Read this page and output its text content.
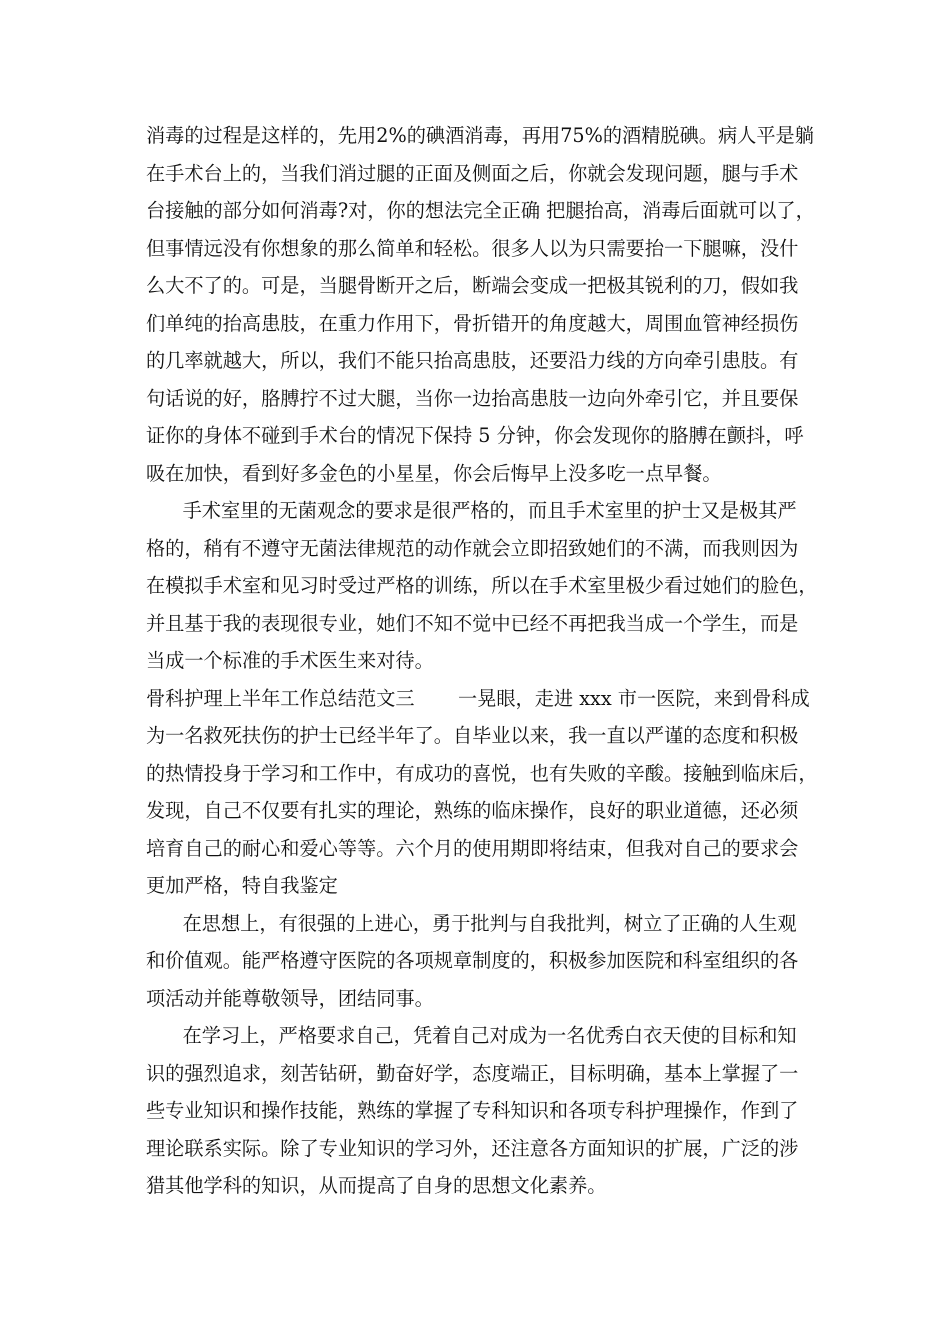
消毒的过程是这样的，先用2%的碘酒消毒，再用75%的酒精脱碘。病人平是躺
在手术台上的，当我们消过腿的正面及侧面之后，你就会发现问题，腿与手术
台接触的部分如何消毒?对，你的想法完全正确 把腿抬高，消毒后面就可以了，
但事情远没有你想象的那么简单和轻松。很多人以为只需要抬一下腿嘛，没什
么大不了的。可是，当腿骨断开之后，断端会变成一把极其锐利的刀，假如我
们单纯的抬高患肢，在重力作用下，骨折错开的角度越大，周围血管神经损伤
的几率就越大，所以，我们不能只抬高患肢，还要沿力线的方向牵引患肢。有
句话说的好，胳膊拧不过大腿，当你一边抬高患肢一边向外牵引它，并且要保
证你的身体不碰到手术台的情况下保持 5 分钟，你会发现你的胳膊在颤抖，呼
吸在加快，看到好多金色的小星星，你会后悔早上没多吃一点早餐。
手术室里的无菌观念的要求是很严格的，而且手术室里的护士又是极其严
格的，稍有不遵守无菌法律规范的动作就会立即招致她们的不满，而我则因为
在模拟手术室和见习时受过严格的训练，所以在手术室里极少看过她们的脸色，
并且基于我的表现很专业，她们不知不觉中已经不再把我当成一个学生，而是
当成一个标准的手术医生来对待。
骨科护理上半年工作总结范文三 一晃眼，走进 xxx 市一医院，来到骨科成
为一名救死扶伤的护士已经半年了。自毕业以来，我一直以严谨的态度和积极
的热情投身于学习和工作中，有成功的喜悦，也有失败的辛酸。接触到临床后，
发现，自己不仅要有扎实的理论，熟练的临床操作，良好的职业道德，还必须
培育自己的耐心和爱心等等。六个月的使用期即将结束，但我对自己的要求会
更加严格，特自我鉴定
在思想上，有很强的上进心，勇于批判与自我批判，树立了正确的人生观
和价值观。能严格遵守医院的各项规章制度的，积极参加医院和科室组织的各
项活动并能尊敬领导，团结同事。
在学习上，严格要求自己，凭着自己对成为一名优秀白衣天使的目标和知
识的强烈追求，刻苦钻研，勤奋好学，态度端正，目标明确，基本上掌握了一
些专业知识和操作技能，熟练的掌握了专科知识和各项专科护理操作，作到了
理论联系实际。除了专业知识的学习外，还注意各方面知识的扩展，广泛的涉
猎其他学科的知识，从而提高了自身的思想文化素养。
